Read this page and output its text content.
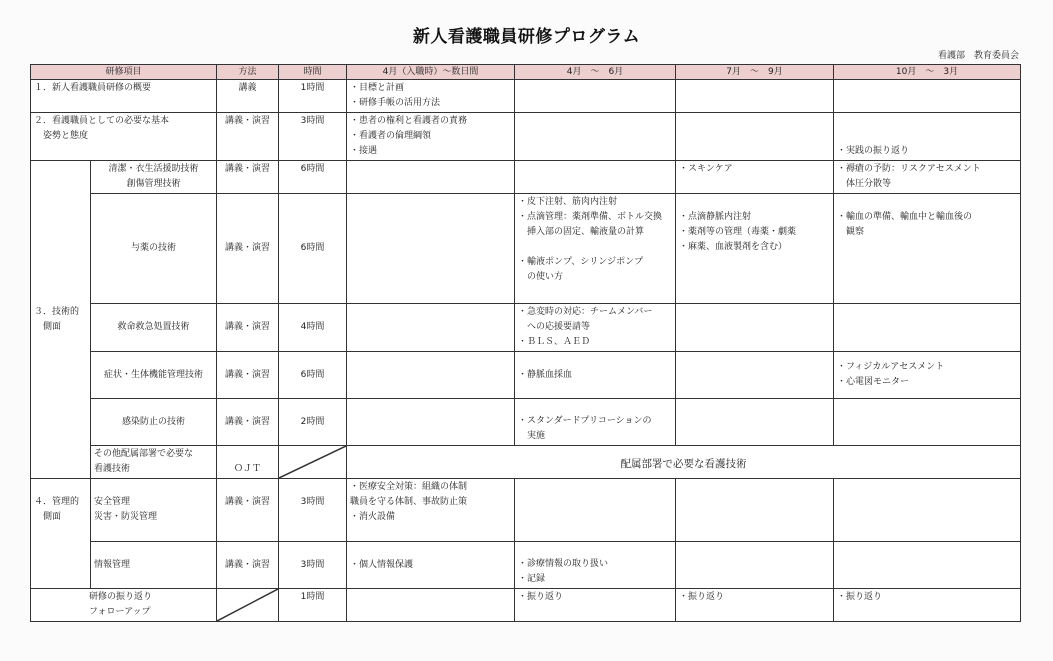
新人看護職員研修プログラム
看護部　教育委員会
研修項目		方法	時間	4月（入職時）～数日間	4月　～　6月	7月　～　9月	10月　～　3月

１．新人看護職員研修の概要		講義	1時間	・目標と計画
・研修手帳の活用方法			

２．看護職員としての必要な基本
　姿勢と態度		講義・演習	3時間	・患者の権利と看護者の責務
・看護者の倫理綱領
・接遇			・実践の振り返り

３．技術的
　側面	清潔・衣生活援助技術
創傷管理技術	講義・演習	6時間			・スキンケア	・褥瘡の予防：リスクアセスメント
　体圧分散等

	与薬の技術	講義・演習	6時間		・皮下注射、筋肉内注射
・点滴管理：薬剤準備、ボトル交換
　挿入部の固定、輸液量の計算
・輸液ポンプ、シリンジポンプ
　の使い方	・点滴静脈内注射
・薬剤等の管理（毒薬・劇薬
・麻薬、血液製剤を含む）	・輸血の準備、輸血中と輸血後の
　観察

	救命救急処置技術	講義・演習	4時間		・急変時の対応：チームメンバー
　への応援要請等
・ＢＬＳ、ＡＥＤ		

	症状・生体機能管理技術	講義・演習	6時間		・静脈血採血		・フィジカルアセスメント
・心電図モニター

	感染防止の技術	講義・演習	2時間		・スタンダードプリコーションの
　実施		

	その他配属部署で必要な
看護技術	ＯＪＴ		配属部署で必要な看護技術			

４．管理的
　側面	安全管理
災害・防災管理	講義・演習	3時間	・医療安全対策：組織の体制
職員を守る体制、事故防止策
・消火設備			

	情報管理	講義・演習	3時間	・個人情報保護	・診療情報の取り扱い
・記録		

研修の振り返り
フォローアップ			1時間		・振り返り	・振り返り	・振り返り
